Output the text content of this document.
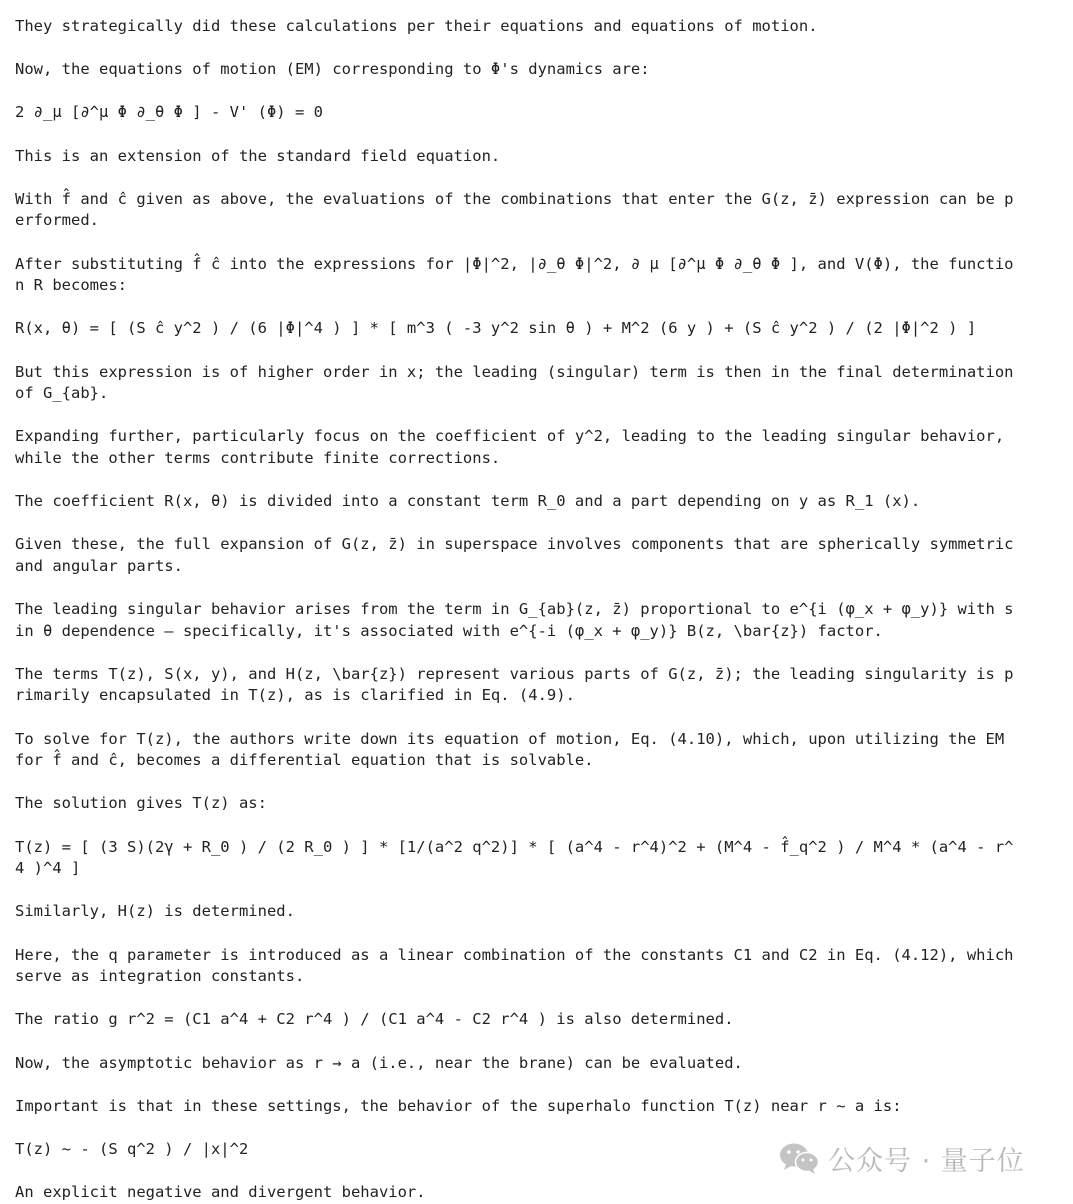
They strategically did these calculations per their equations and equations of motion.
Now, the equations of motion (EM) corresponding to Φ's dynamics are:
2 ∂_μ [∂^μ Φ ∂_θ Φ ] - V' (Φ) = 0
This is an extension of the standard field equation.
With f̂ and ĉ given as above, the evaluations of the combinations that enter the G(z, z̄) expression can be p
erformed.
After substituting f̂ ĉ into the expressions for |Φ|^2, |∂_θ Φ|^2, ∂ μ [∂^μ Φ ∂_θ Φ ], and V(Φ), the functio
n R becomes:
R(x, θ) = [ (S ĉ y^2 ) / (6 |Φ|^4 ) ] * [ m^3 ( -3 y^2 sin θ ) + M^2 (6 y ) + (S ĉ y^2 ) / (2 |Φ|^2 ) ]
But this expression is of higher order in x; the leading (singular) term is then in the final determination
of G_{ab}.
Expanding further, particularly focus on the coefficient of y^2, leading to the leading singular behavior,
while the other terms contribute finite corrections.
The coefficient R(x, θ) is divided into a constant term R_0 and a part depending on y as R_1 (x).
Given these, the full expansion of G(z, z̄) in superspace involves components that are spherically symmetric
and angular parts.
The leading singular behavior arises from the term in G_{ab}(z, z̄) proportional to e^{i (φ_x + φ_y)} with s
in θ dependence — specifically, it's associated with e^{-i (φ_x + φ_y)} B(z, \bar{z}) factor.
The terms T(z), S(x, y), and H(z, \bar{z}) represent various parts of G(z, z̄); the leading singularity is p
rimarily encapsulated in T(z), as is clarified in Eq. (4.9).
To solve for T(z), the authors write down its equation of motion, Eq. (4.10), which, upon utilizing the EM
for f̂ and ĉ, becomes a differential equation that is solvable.
The solution gives T(z) as:
T(z) = [ (3 S)(2γ + R_0 ) / (2 R_0 ) ] * [1/(a^2 q^2)] * [ (a^4 - r^4)^2 + (M^4 - f̂_q^2 ) / M^4 * (a^4 - r^
4 )^4 ]
Similarly, H(z) is determined.
Here, the q parameter is introduced as a linear combination of the constants C1 and C2 in Eq. (4.12), which
serve as integration constants.
The ratio g r^2 = (C1 a^4 + C2 r^4 ) / (C1 a^4 - C2 r^4 ) is also determined.
Now, the asymptotic behavior as r → a (i.e., near the brane) can be evaluated.
Important is that in these settings, the behavior of the superhalo function T(z) near r ~ a is:
T(z) ~ - (S q^2 ) / |x|^2
An explicit negative and divergent behavior.
公众号 · 量子位
